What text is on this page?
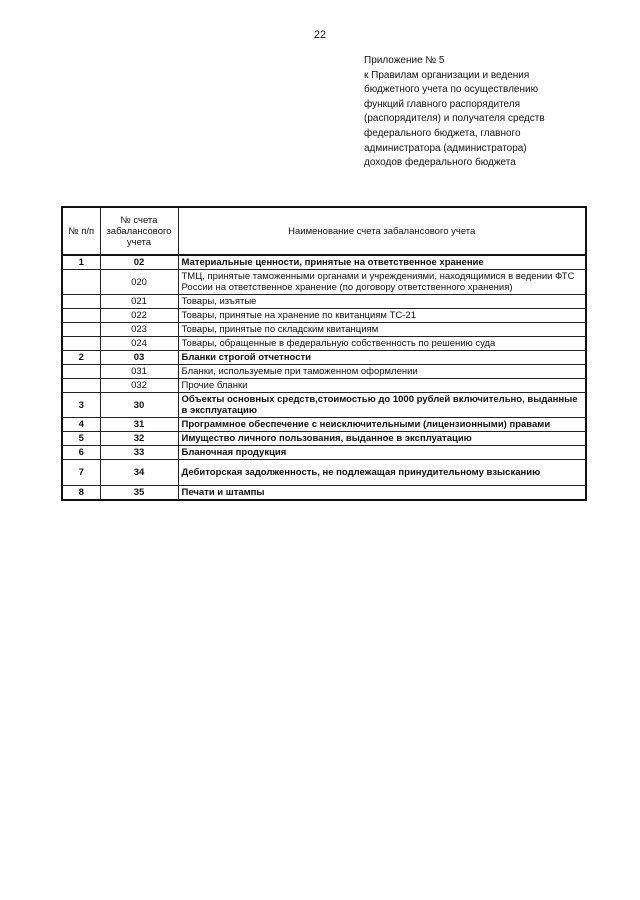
22
Приложение № 5
к Правилам организации и ведения
бюджетного учета по осуществлению
функций главного распорядителя
(распорядителя) и получателя средств
федерального бюджета, главного
администратора (администратора)
доходов федерального бюджета
№ п/п	№ счета забалансового учета	Наименование счета забалансового учета
1	02	Материальные ценности, принятые на ответственное хранение
	020	ТМЦ, принятые таможенными органами и учреждениями, находящимися в ведении ФТС России на ответственное хранение (по договору ответственного хранения)
	021	Товары, изъятые
	022	Товары, принятые на хранение по квитанциям ТС-21
	023	Товары, принятые по складским квитанциям
	024	Товары, обращенные в федеральную собственность по решению суда
2	03	Бланки строгой отчетности
	031	Бланки, используемые при таможенном оформлении
	032	Прочие бланки
3	30	Объекты основных средств,стоимостью до 1000 рублей включительно, выданные в эксплуатацию
4	31	Программное обеспечение с неисключительными (лицензионными) правами
5	32	Имущество личного пользования, выданное в эксплуатацию
6	33	Бланочная продукция
7	34	Дебиторская задолженность, не подлежащая принудительному взысканию
8	35	Печати и штампы
